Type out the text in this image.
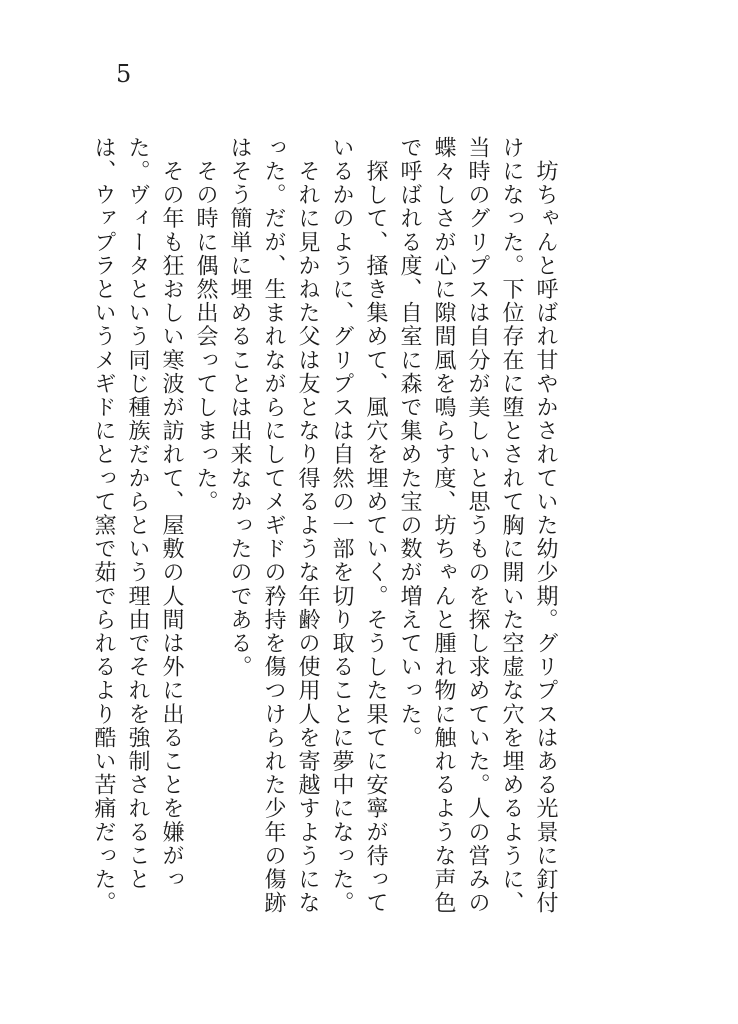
5

　坊ちゃんと呼ばれ甘やかされていた幼少期。グリプスはある光景に釘付けになった。下位存在に堕とされて胸に開いた空虚な穴を埋めるように、当時のグリプスは自分が美しいと思うものを探し求めていた。人の営みの蝶々しさが心に隙間風を鳴らす度、坊ちゃんと腫れ物に触れるような声色で呼ばれる度、自室に森で集めた宝の数が増えていった。

　探して、掻き集めて、風穴を埋めていく。そうした果てに安寧が待っているかのように、グリプスは自然の一部を切り取ることに夢中になった。

　それに見かねた父は友となり得るような年齢の使用人を寄越すようになった。だが、生まれながらにしてメギドの矜持を傷つけられた少年の傷跡はそう簡単に埋めることは出来なかったのである。

　その時に偶然出会ってしまった。

　その年も狂おしい寒波が訪れて、屋敷の人間は外に出ることを嫌がった。ヴィータという同じ種族だからという理由でそれを強制されることは、ウァプラというメギドにとって窯で茹でられるより酷い苦痛だった。
